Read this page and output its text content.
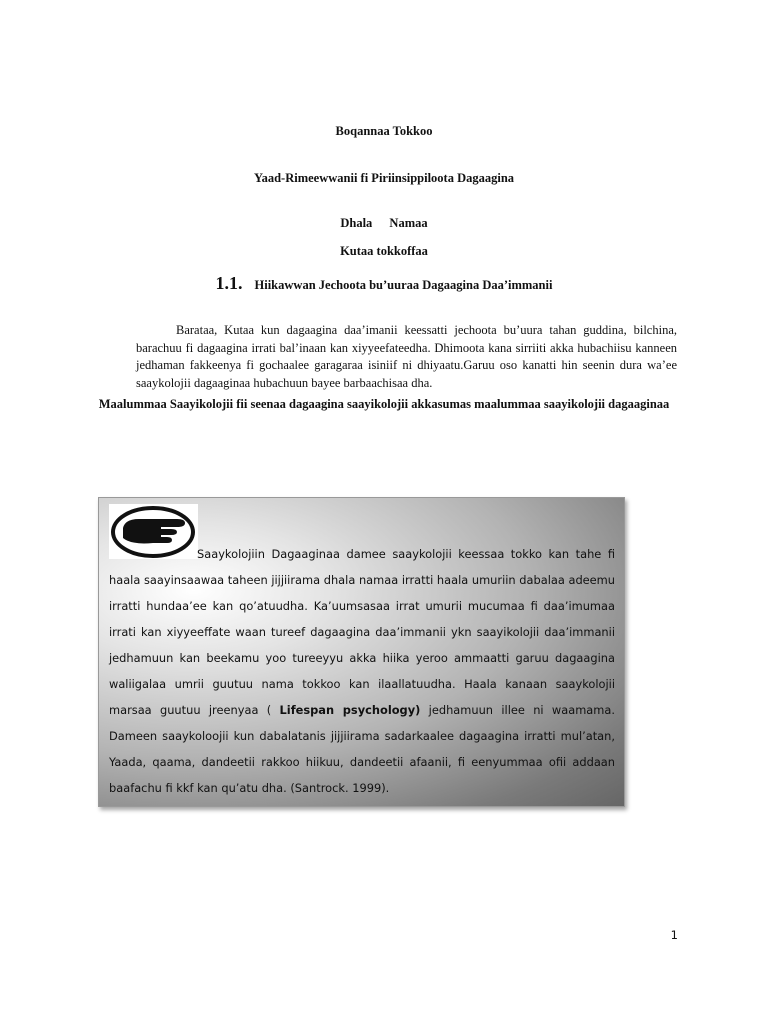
Boqannaa Tokkoo
Yaad-Rimeewwanii fi Piriinsippiloota Dagaagina
Dhala Namaa
Kutaa tokkoffaa
1.1. Hiikawwan Jechoota bu’uuraa Dagaagina Daa’immanii

Barataa, Kutaa kun dagaagina daa’imanii keessatti jechoota bu’uura tahan guddina, bilchina, barachuu fi dagaagina irrati bal’inaan kan xiyyeefateedha. Dhimoota kana sirriiti akka hubachiisu kanneen jedhaman fakkeenya fi gochaalee garagaraa isiniif ni dhiyaatu.Garuu oso kanatti hin seenin dura wa’ee saaykolojii dagaaginaa hubachuun bayee barbaachisaa dha.

Maalummaa Saayikolojii fii seenaa dagaagina saayikolojii akkasumas maalummaa saayikolojii dagaaginaa

Saaykolojiin Dagaaginaa damee saaykolojii keessaa tokko kan tahe fi haala saayinsaawaa taheen jijjiirama dhala namaa irratti haala umuriin dabalaa adeemu irratti hundaa’ee kan qo’atuudha. Ka’uumsasaa irrat umurii mucumaa fi daa’imumaa irrati kan xiyyeeffate waan tureef dagaagina daa’immanii ykn saayikolojii daa’immanii jedhamuun kan beekamu yoo tureeyyu akka hiika yeroo ammaatti garuu dagaagina waliigalaa umrii guutuu nama tokkoo kan ilaallatuudha. Haala kanaan saaykolojii marsaa guutuu jreenyaa ( Lifespan psychology) jedhamuun illee ni waamama. Dameen saaykoloojii kun dabalatanis jijjiirama sadarkaalee dagaagina irratti mul’atan, Yaada, qaama, dandeetii rakkoo hiikuu, dandeetii afaanii, fi eenyummaa ofii addaan baafachu fi kkf kan qu’atu dha. (Santrock. 1999).

1
